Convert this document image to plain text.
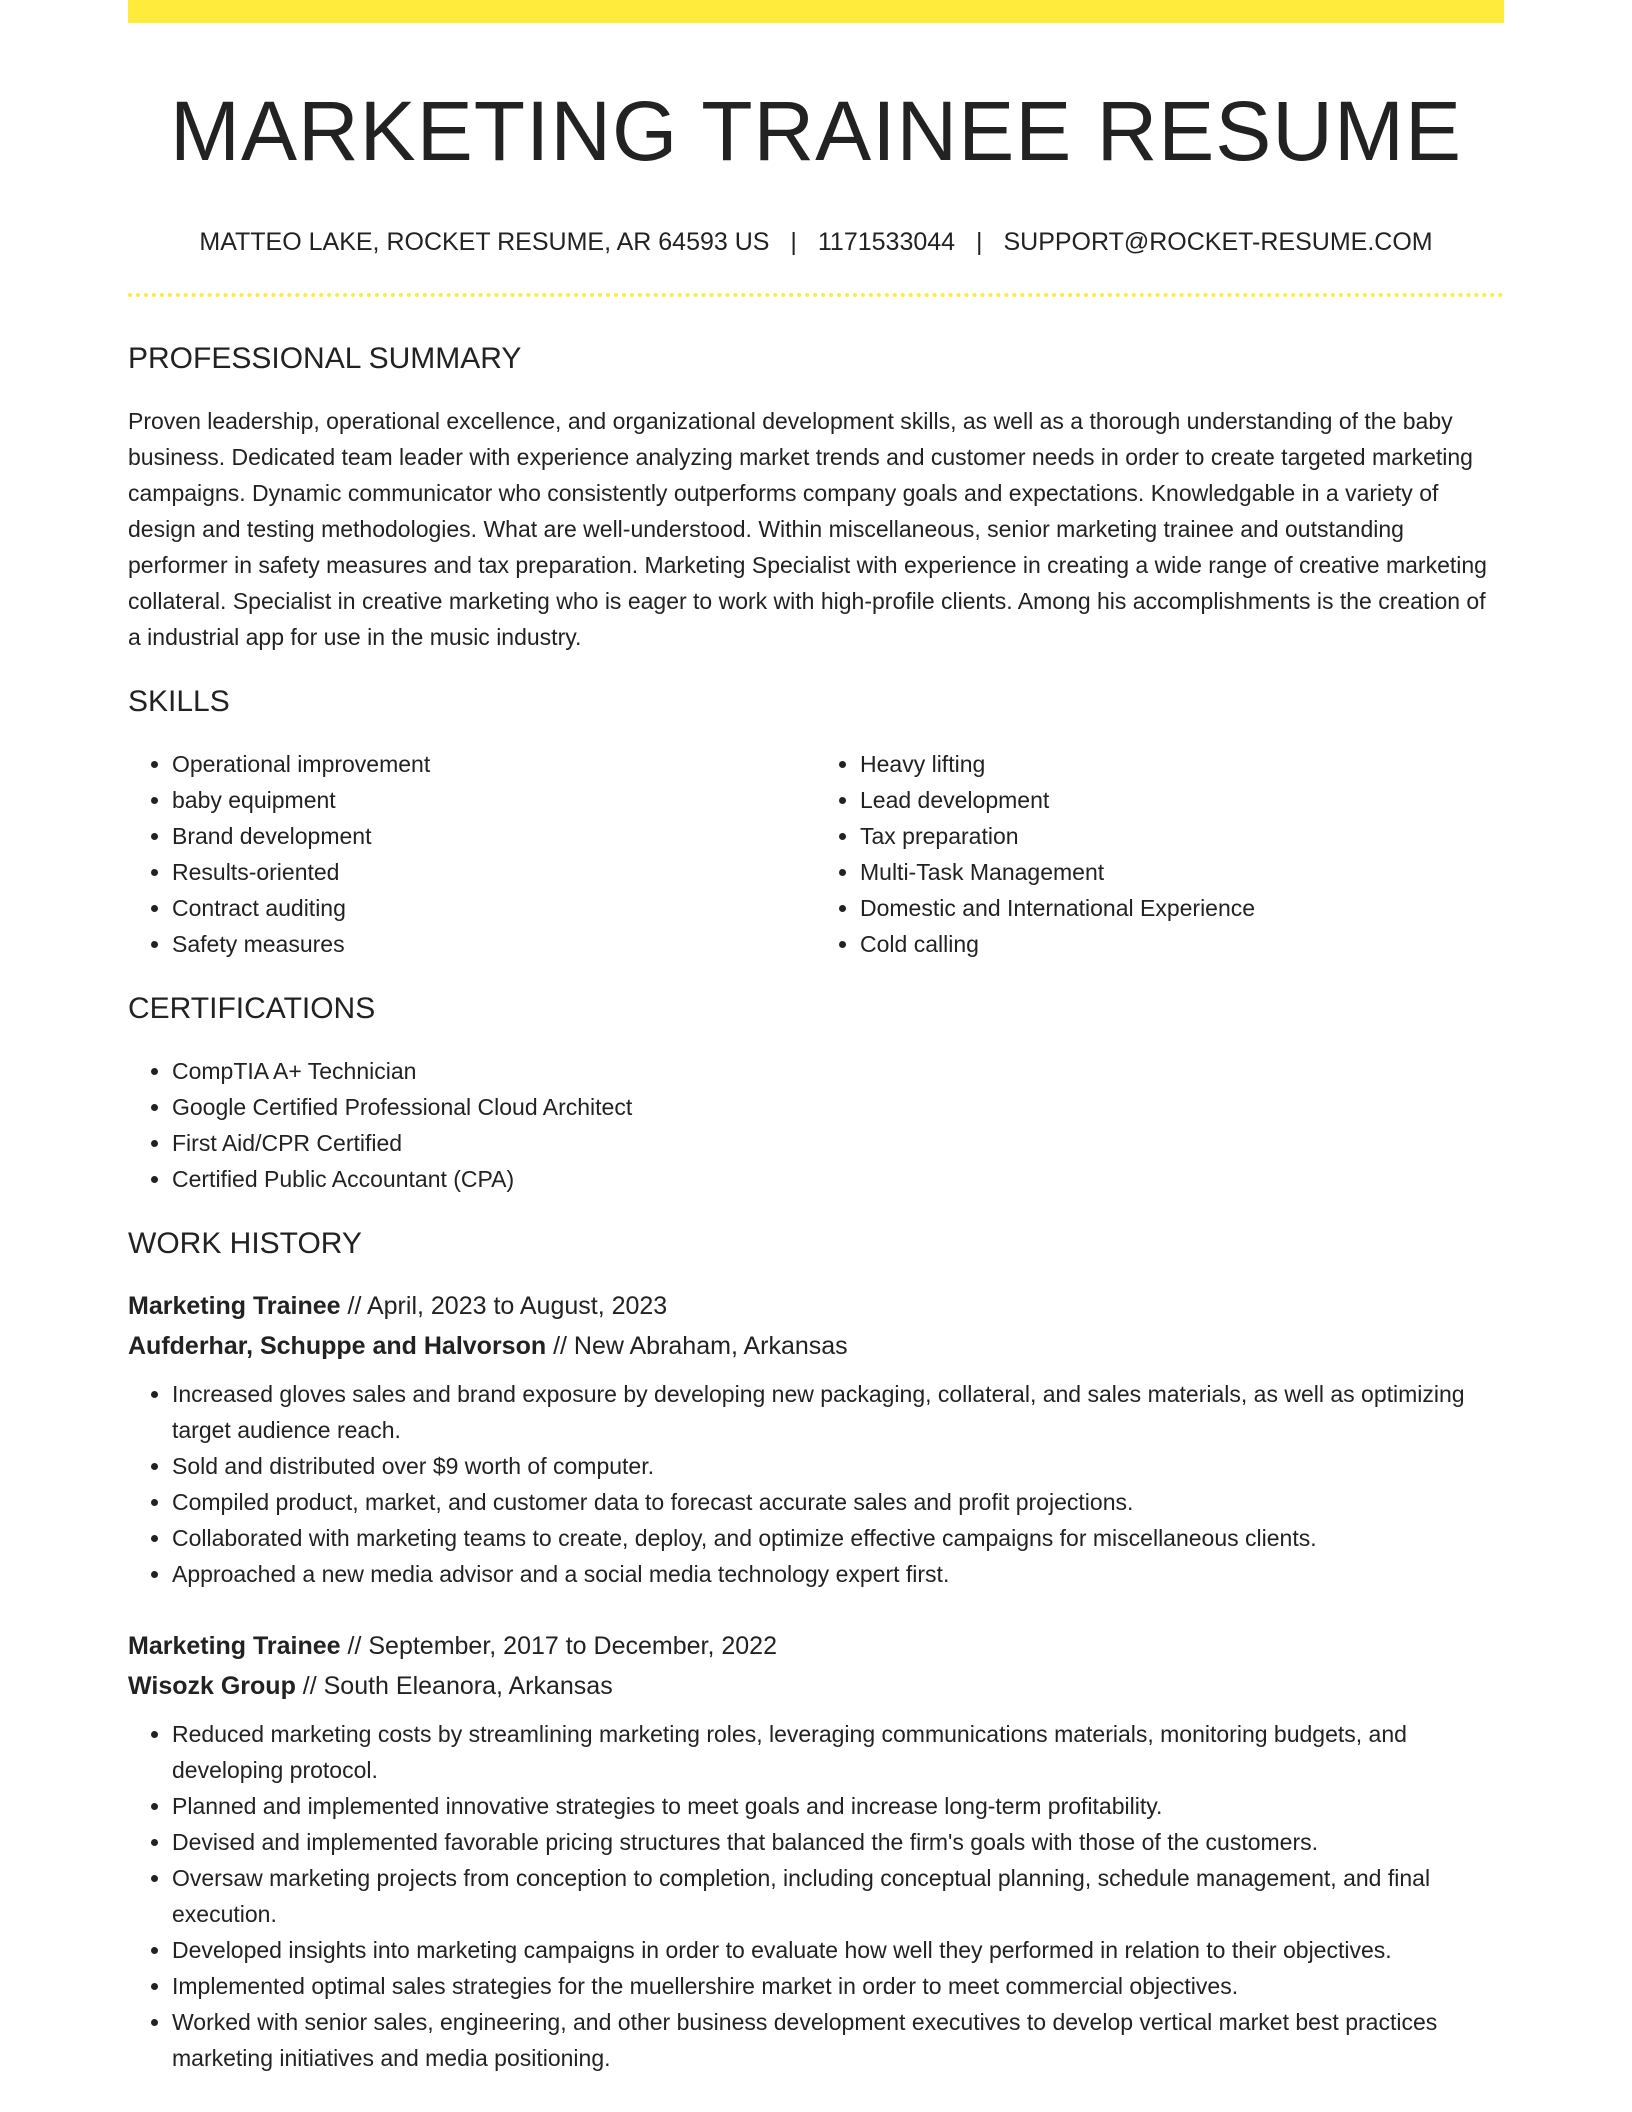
MARKETING TRAINEE RESUME
MATTEO LAKE, ROCKET RESUME, AR 64593 US | 1171533044 | SUPPORT@ROCKET-RESUME.COM
PROFESSIONAL SUMMARY

Proven leadership, operational excellence, and organizational development skills, as well as a thorough understanding of the baby business. Dedicated team leader with experience analyzing market trends and customer needs in order to create targeted marketing campaigns. Dynamic communicator who consistently outperforms company goals and expectations. Knowledgable in a variety of design and testing methodologies. What are well-understood. Within miscellaneous, senior marketing trainee and outstanding performer in safety measures and tax preparation. Marketing Specialist with experience in creating a wide range of creative marketing collateral. Specialist in creative marketing who is eager to work with high-profile clients. Among his accomplishments is the creation of a industrial app for use in the music industry.

SKILLS
• Operational improvement
• baby equipment
• Brand development
• Results-oriented
• Contract auditing
• Safety measures
• Heavy lifting
• Lead development
• Tax preparation
• Multi-Task Management
• Domestic and International Experience
• Cold calling
CERTIFICATIONS
• CompTIA A+ Technician
• Google Certified Professional Cloud Architect
• First Aid/CPR Certified
• Certified Public Accountant (CPA)
WORK HISTORY
Marketing Trainee // April, 2023 to August, 2023
Aufderhar, Schuppe and Halvorson // New Abraham, Arkansas
• Increased gloves sales and brand exposure by developing new packaging, collateral, and sales materials, as well as optimizing target audience reach.
• Sold and distributed over $9 worth of computer.
• Compiled product, market, and customer data to forecast accurate sales and profit projections.
• Collaborated with marketing teams to create, deploy, and optimize effective campaigns for miscellaneous clients.
• Approached a new media advisor and a social media technology expert first.
Marketing Trainee // September, 2017 to December, 2022
Wisozk Group // South Eleanora, Arkansas
• Reduced marketing costs by streamlining marketing roles, leveraging communications materials, monitoring budgets, and developing protocol.
• Planned and implemented innovative strategies to meet goals and increase long-term profitability.
• Devised and implemented favorable pricing structures that balanced the firm's goals with those of the customers.
• Oversaw marketing projects from conception to completion, including conceptual planning, schedule management, and final execution.
• Developed insights into marketing campaigns in order to evaluate how well they performed in relation to their objectives.
• Implemented optimal sales strategies for the muellershire market in order to meet commercial objectives.
• Worked with senior sales, engineering, and other business development executives to develop vertical market best practices marketing initiatives and media positioning.
